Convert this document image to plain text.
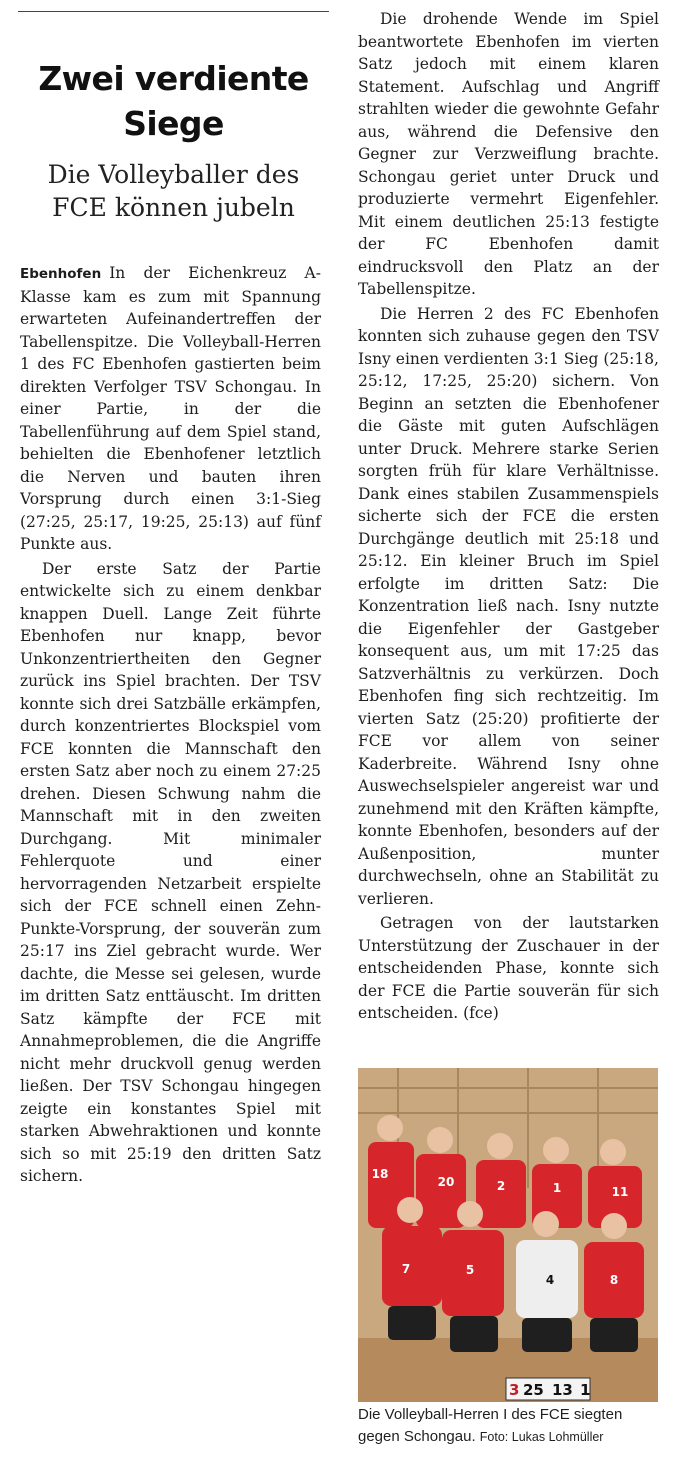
Zwei verdiente Siege
Die Volleyballer des FCE können jubeln

Ebenhofen In der Eichenkreuz A-Klasse kam es zum mit Spannung erwarteten Aufeinandertreffen der Tabellenspitze. Die Volleyball-Herren 1 des FC Ebenhofen gastierten beim direkten Verfolger TSV Schongau. In einer Partie, in der die Tabellenführung auf dem Spiel stand, behielten die Ebenhofener letztlich die Nerven und bauten ihren Vorsprung durch einen 3:1-Sieg (27:25, 25:17, 19:25, 25:13) auf fünf Punkte aus.

Der erste Satz der Partie entwickelte sich zu einem denkbar knappen Duell. Lange Zeit führte Ebenhofen nur knapp, bevor Unkonzentriertheiten den Gegner zurück ins Spiel brachten. Der TSV konnte sich drei Satzbälle erkämpfen, durch konzentriertes Blockspiel vom FCE konnten die Mannschaft den ersten Satz aber noch zu einem 27:25 drehen. Diesen Schwung nahm die Mannschaft mit in den zweiten Durchgang. Mit minimaler Fehlerquote und einer hervorragenden Netzarbeit erspielte sich der FCE schnell einen Zehn-Punkte-Vorsprung, der souverän zum 25:17 ins Ziel gebracht wurde. Wer dachte, die Messe sei gelesen, wurde im dritten Satz enttäuscht. Im dritten Satz kämpfte der FCE mit Annahmeproblemen, die die Angriffe nicht mehr druckvoll genug werden ließen. Der TSV Schongau hingegen zeigte ein konstantes Spiel mit starken Abwehraktionen und konnte sich so mit 25:19 den dritten Satz sichern.

Die drohende Wende im Spiel beantwortete Ebenhofen im vierten Satz jedoch mit einem klaren Statement. Aufschlag und Angriff strahlten wieder die gewohnte Gefahr aus, während die Defensive den Gegner zur Verzweiflung brachte. Schongau geriet unter Druck und produzierte vermehrt Eigenfehler. Mit einem deutlichen 25:13 festigte der FC Ebenhofen damit eindrucksvoll den Platz an der Tabellenspitze.

Die Herren 2 des FC Ebenhofen konnten sich zuhause gegen den TSV Isny einen verdienten 3:1 Sieg (25:18, 25:12, 17:25, 25:20) sichern. Von Beginn an setzten die Ebenhofener die Gäste mit guten Aufschlägen unter Druck. Mehrere starke Serien sorgten früh für klare Verhältnisse. Dank eines stabilen Zusammenspiels sicherte sich der FCE die ersten Durchgänge deutlich mit 25:18 und 25:12. Ein kleiner Bruch im Spiel erfolgte im dritten Satz: Die Konzentration ließ nach. Isny nutzte die Eigenfehler der Gastgeber konsequent aus, um mit 17:25 das Satzverhältnis zu verkürzen. Doch Ebenhofen fing sich rechtzeitig. Im vierten Satz (25:20) profitierte der FCE vor allem von seiner Kaderbreite. Während Isny ohne Auswechselspieler angereist war und zunehmend mit den Kräften kämpfte, konnte Ebenhofen, besonders auf der Außenposition, munter durchwechseln, ohne an Stabilität zu verlieren.

Getragen von der lautstarken Unterstützung der Zuschauer in der entscheidenden Phase, konnte sich der FCE die Partie souverän für sich entscheiden. (fce)

18
20	2	1	11
7	5
4	8
3 25 13 1
Die Volleyball-Herren I des FCE siegten gegen Schongau. Foto: Lukas Lohmüller
